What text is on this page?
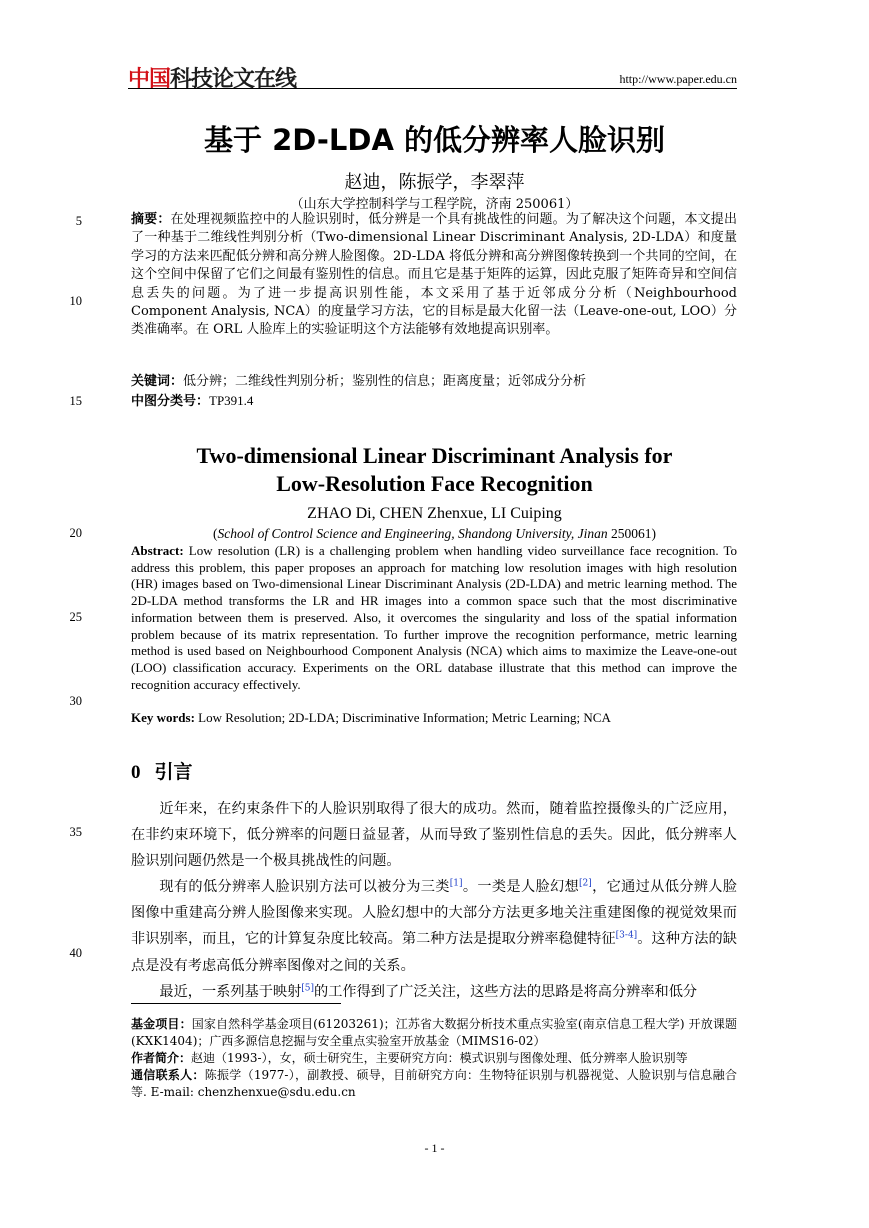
中国科技论文在线	http://www.paper.edu.cn
基于 2D-LDA 的低分辨率人脸识别
赵迪，陈振学，李翠萍
（山东大学控制科学与工程学院，济南 250061）
5
10
15
20
25
30
35
40
摘要：在处理视频监控中的人脸识别时，低分辨是一个具有挑战性的问题。为了解决这个问题，本文提出了一种基于二维线性判别分析（Two-dimensional Linear Discriminant Analysis, 2D-LDA）和度量学习的方法来匹配低分辨和高分辨人脸图像。2D-LDA 将低分辨和高分辨图像转换到一个共同的空间，在这个空间中保留了它们之间最有鉴别性的信息。而且它是基于矩阵的运算，因此克服了矩阵奇异和空间信息丢失的问题。为了进一步提高识别性能，本文采用了基于近邻成分分析（Neighbourhood Component Analysis, NCA）的度量学习方法，它的目标是最大化留一法（Leave-one-out, LOO）分类准确率。在 ORL 人脸库上的实验证明这个方法能够有效地提高识别率。
关键词：低分辨；二维线性判别分析；鉴别性的信息；距离度量；近邻成分分析
中图分类号：TP391.4
Two-dimensional Linear Discriminant Analysis for
Low-Resolution Face Recognition
ZHAO Di, CHEN Zhenxue, LI Cuiping
(School of Control Science and Engineering, Shandong University, Jinan 250061)
Abstract: Low resolution (LR) is a challenging problem when handling video surveillance face recognition. To address this problem, this paper proposes an approach for matching low resolution images with high resolution (HR) images based on Two-dimensional Linear Discriminant Analysis (2D-LDA) and metric learning method. The 2D-LDA method transforms the LR and HR images into a common space such that the most discriminative information between them is preserved. Also, it overcomes the singularity and loss of the spatial information problem because of its matrix representation. To further improve the recognition performance, metric learning method is used based on Neighbourhood Component Analysis (NCA) which aims to maximize the Leave-one-out (LOO) classification accuracy. Experiments on the ORL database illustrate that this method can improve the recognition accuracy effectively.
Key words: Low Resolution; 2D-LDA; Discriminative Information; Metric Learning; NCA
0 引言

近年来，在约束条件下的人脸识别取得了很大的成功。然而，随着监控摄像头的广泛应用，在非约束环境下，低分辨率的问题日益显著，从而导致了鉴别性信息的丢失。因此，低分辨率人脸识别问题仍然是一个极具挑战性的问题。

现有的低分辨率人脸识别方法可以被分为三类[1]。一类是人脸幻想[2]，它通过从低分辨人脸图像中重建高分辨人脸图像来实现。人脸幻想中的大部分方法更多地关注重建图像的视觉效果而非识别率，而且，它的计算复杂度比较高。第二种方法是提取分辨率稳健特征[3-4]。这种方法的缺点是没有考虑高低分辨率图像对之间的关系。

最近，一系列基于映射[5]的工作得到了广泛关注，这些方法的思路是将高分辨率和低分

基金项目：国家自然科学基金项目(61203261)；江苏省大数据分析技术重点实验室(南京信息工程大学) 开放课题(KXK1404)；广西多源信息挖掘与安全重点实验室开放基金（MIMS16-02）

作者简介：赵迪（1993-），女，硕士研究生，主要研究方向：模式识别与图像处理、低分辨率人脸识别等

通信联系人：陈振学（1977-），副教授、硕导，目前研究方向：生物特征识别与机器视觉、人脸识别与信息融合等. E-mail: chenzhenxue@sdu.edu.cn

- 1 -
